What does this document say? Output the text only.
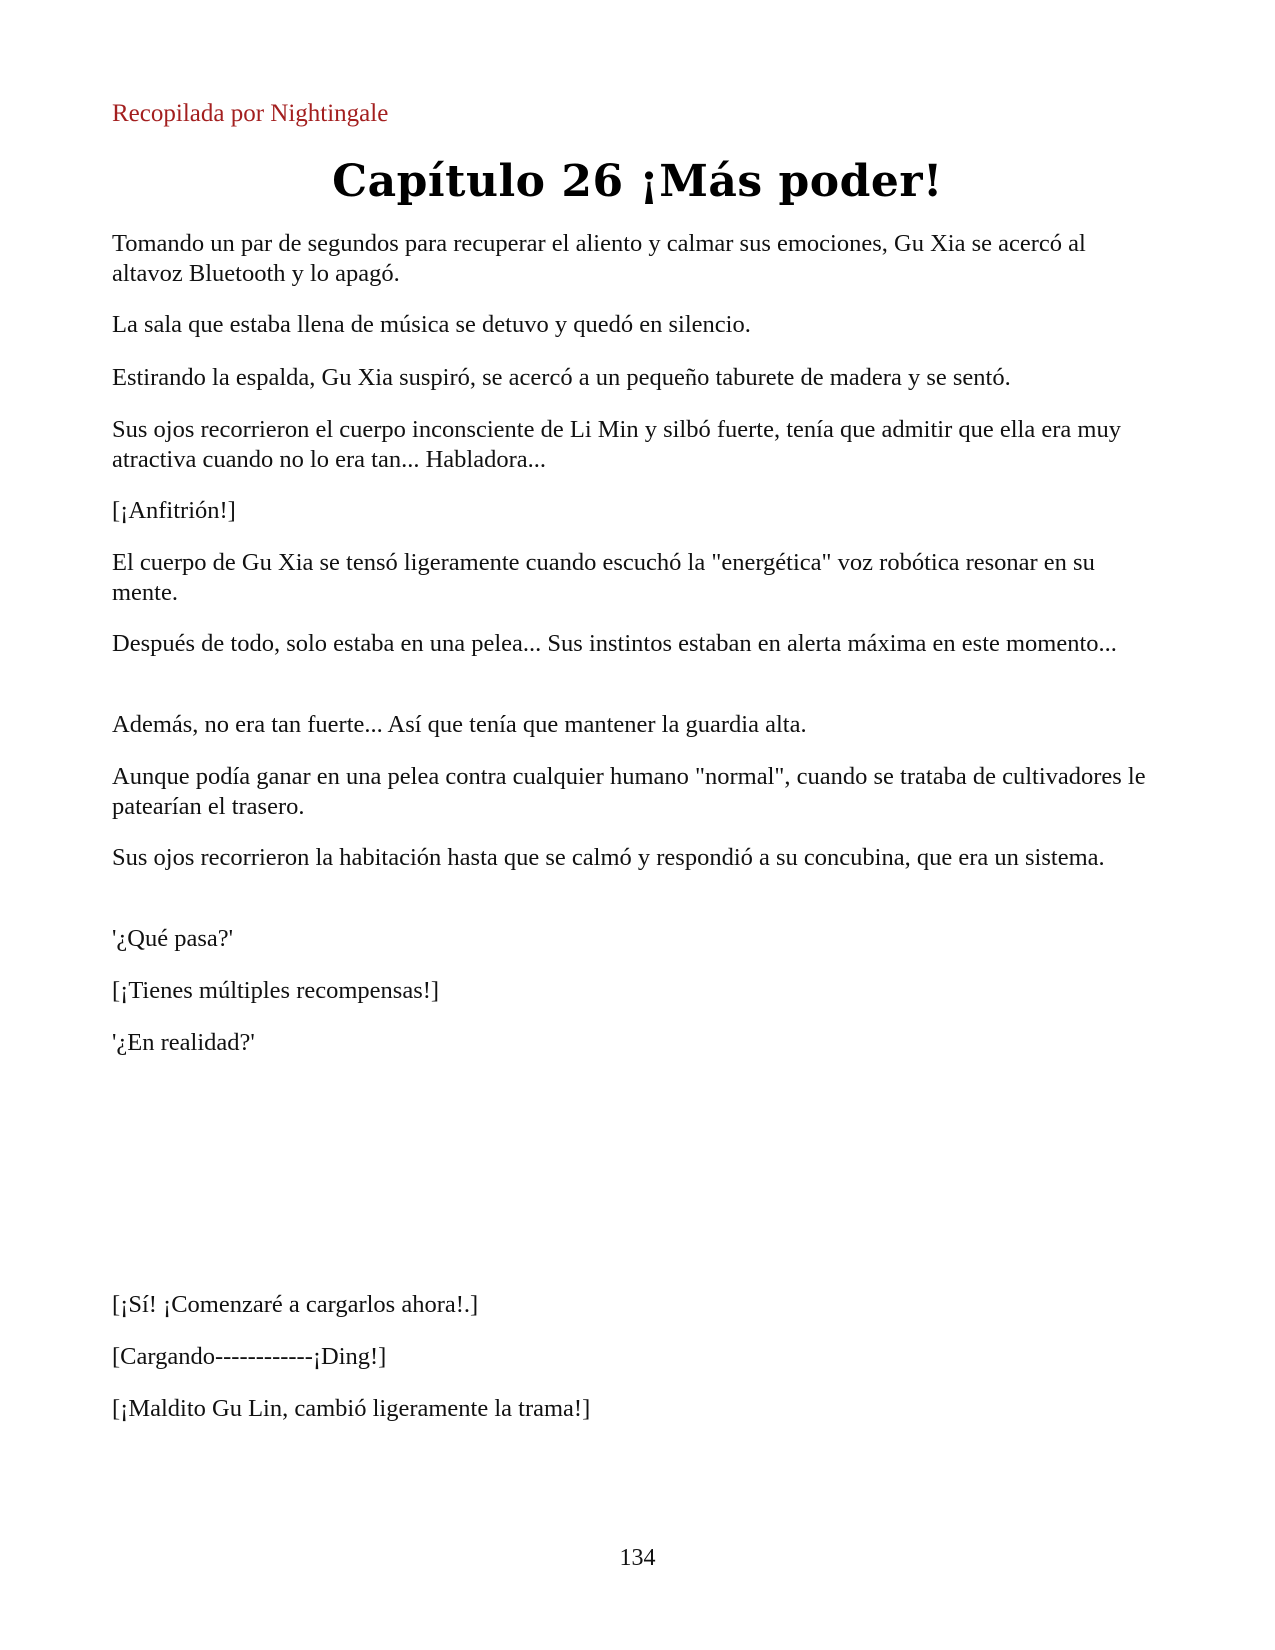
Recopilada por Nightingale
Capítulo 26 ¡Más poder!
Tomando un par de segundos para recuperar el aliento y calmar sus emociones, Gu Xia se acercó al altavoz Bluetooth y lo apagó.
La sala que estaba llena de música se detuvo y quedó en silencio.
Estirando la espalda, Gu Xia suspiró, se acercó a un pequeño taburete de madera y se sentó.
Sus ojos recorrieron el cuerpo inconsciente de Li Min y silbó fuerte, tenía que admitir que ella era muy atractiva cuando no lo era tan... Habladora...
[¡Anfitrión!]
El cuerpo de Gu Xia se tensó ligeramente cuando escuchó la "energética" voz robótica resonar en su mente.
Después de todo, solo estaba en una pelea... Sus instintos estaban en alerta máxima en este momento...
Además, no era tan fuerte... Así que tenía que mantener la guardia alta.
Aunque podía ganar en una pelea contra cualquier humano "normal", cuando se trataba de cultivadores le patearían el trasero.
Sus ojos recorrieron la habitación hasta que se calmó y respondió a su concubina, que era un sistema.
'¿Qué pasa?'
[¡Tienes múltiples recompensas!]
'¿En realidad?'
[¡Sí! ¡Comenzaré a cargarlos ahora!.]
[Cargando------------¡Ding!]
[¡Maldito Gu Lin, cambió ligeramente la trama!]
134
